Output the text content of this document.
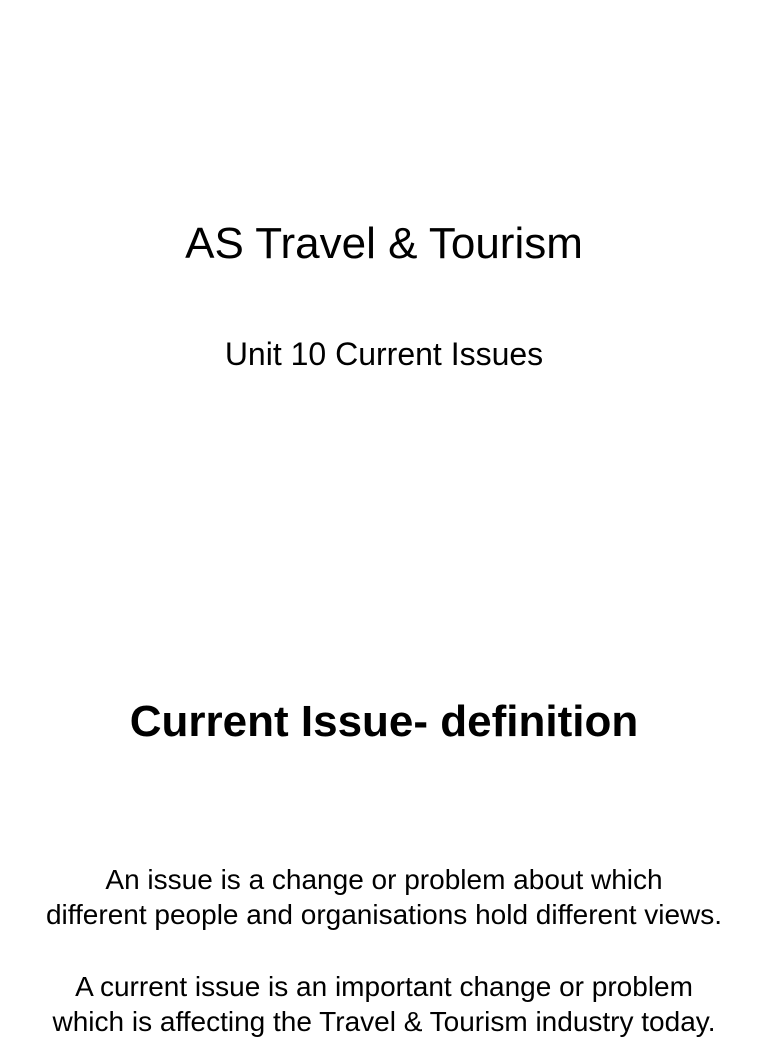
AS Travel & Tourism
Unit 10 Current Issues
Current Issue- definition

An issue is a change or problem about which
different people and organisations hold different views.

A current issue is an important change or problem
which is affecting the Travel & Tourism industry today.
